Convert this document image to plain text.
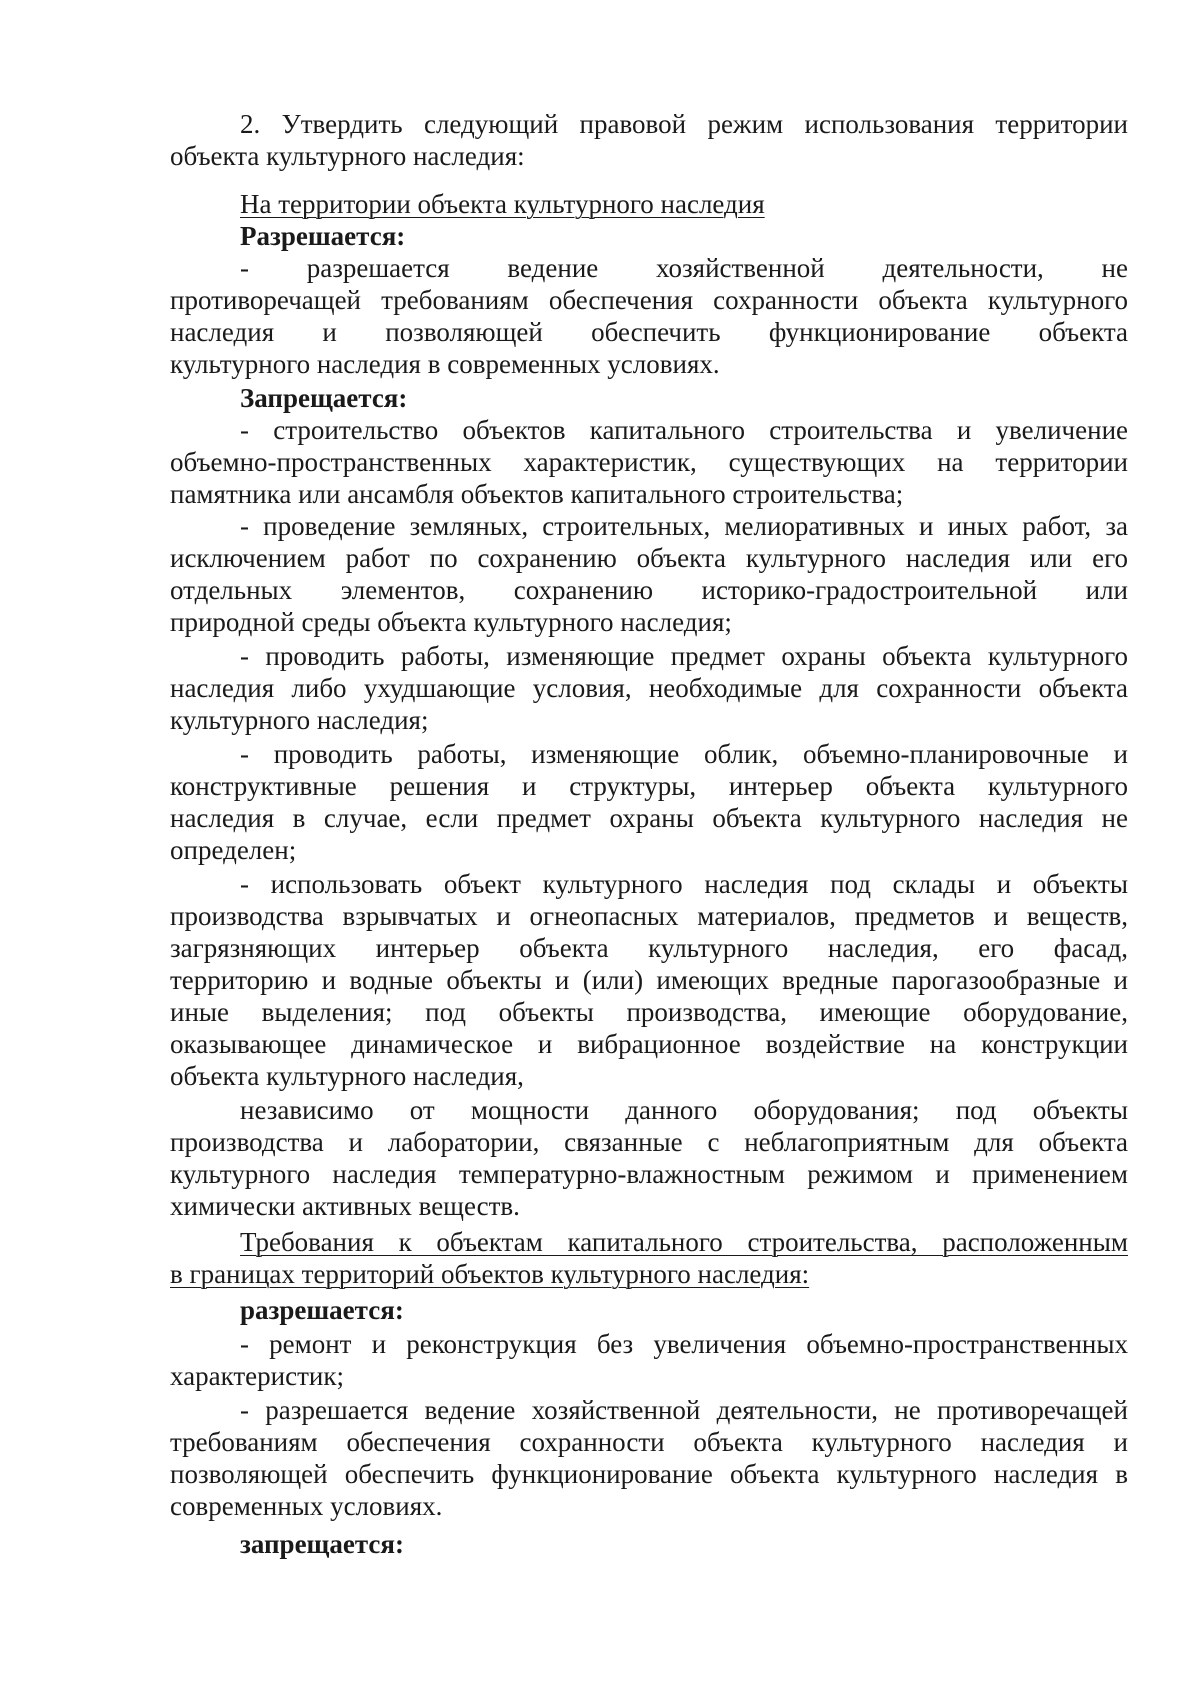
2. Утвердить следующий правовой режим использования территории
объекта культурного наследия:
На территории объекта культурного наследия
Разрешается:
- разрешается ведение хозяйственной деятельности, не
противоречащей требованиям обеспечения сохранности объекта культурного
наследия и позволяющей обеспечить функционирование объекта
культурного наследия в современных условиях.
Запрещается:
- строительство объектов капитального строительства и увеличение
объемно-пространственных характеристик, существующих на территории
памятника или ансамбля объектов капитального строительства;
- проведение земляных, строительных, мелиоративных и иных работ, за
исключением работ по сохранению объекта культурного наследия или его
отдельных элементов, сохранению историко-градостроительной или
природной среды объекта культурного наследия;
- проводить работы, изменяющие предмет охраны объекта культурного
наследия либо ухудшающие условия, необходимые для сохранности объекта
культурного наследия;
- проводить работы, изменяющие облик, объемно-планировочные и
конструктивные решения и структуры, интерьер объекта культурного
наследия в случае, если предмет охраны объекта культурного наследия не
определен;
- использовать объект культурного наследия под склады и объекты
производства взрывчатых и огнеопасных материалов, предметов и веществ,
загрязняющих интерьер объекта культурного наследия, его фасад,
территорию и водные объекты и (или) имеющих вредные парогазообразные и
иные выделения; под объекты производства, имеющие оборудование,
оказывающее динамическое и вибрационное воздействие на конструкции
объекта культурного наследия,
независимо от мощности данного оборудования; под объекты
производства и лаборатории, связанные с неблагоприятным для объекта
культурного наследия температурно-влажностным режимом и применением
химически активных веществ.
Требования к объектам капитального строительства, расположенным
в границах территорий объектов культурного наследия:
разрешается:
- ремонт и реконструкция без увеличения объемно-пространственных
характеристик;
- разрешается ведение хозяйственной деятельности, не противоречащей
требованиям обеспечения сохранности объекта культурного наследия и
позволяющей обеспечить функционирование объекта культурного наследия в
современных условиях.
запрещается:
